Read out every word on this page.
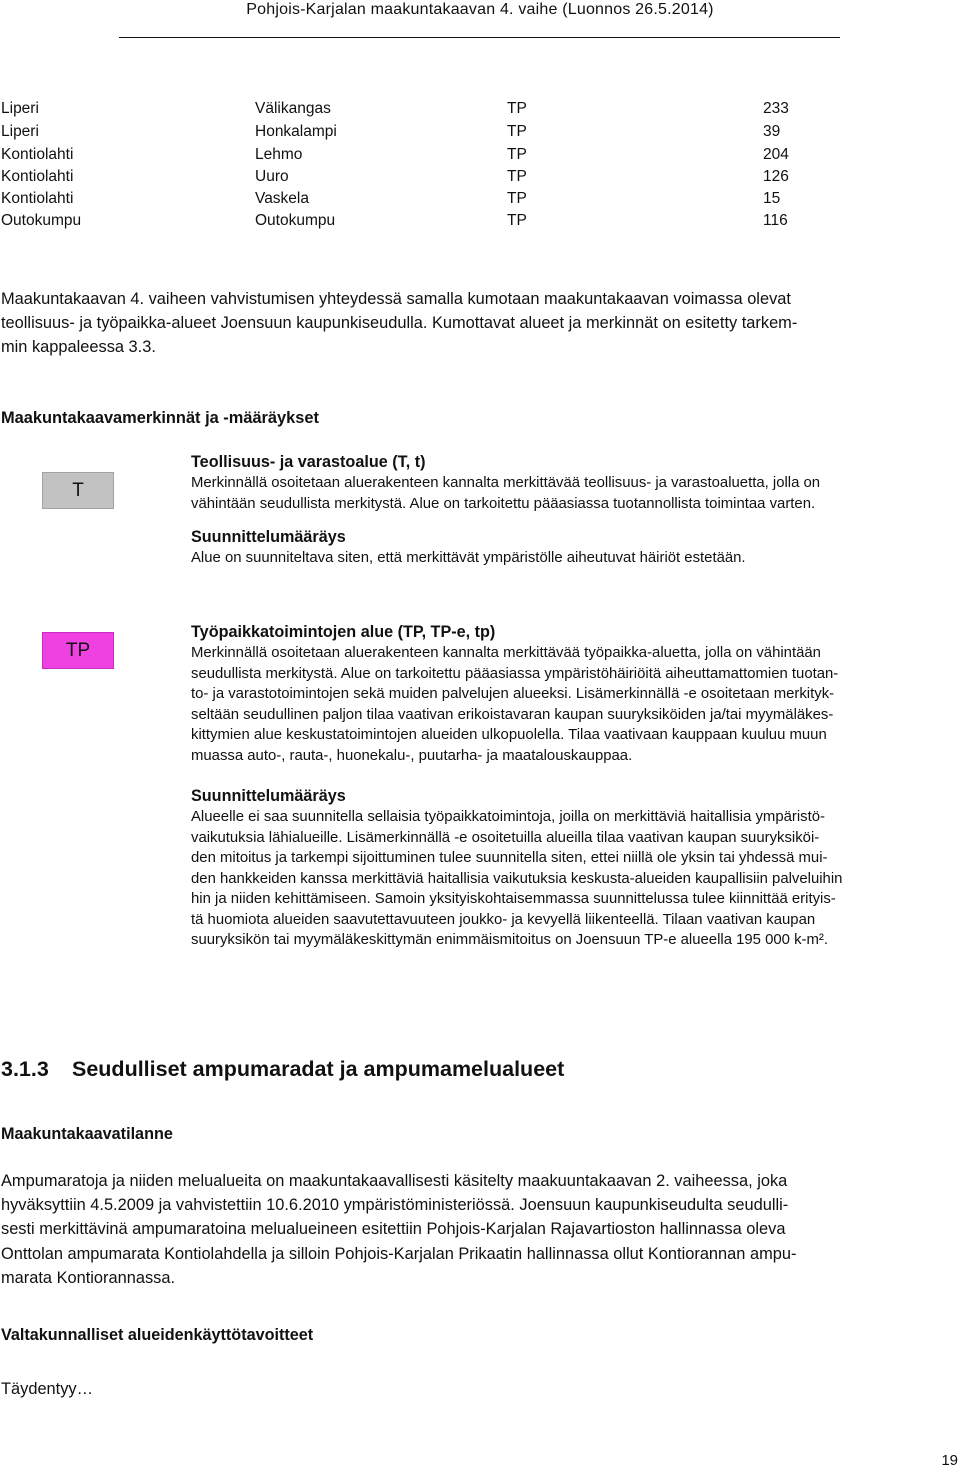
Pohjois-Karjalan maakuntakaavan 4. vaihe (Luonnos 26.5.2014)
Liperi	Välikangas	TP	233
Liperi	Honkalampi	TP	39
Kontiolahti	Lehmo	TP	204
Kontiolahti	Uuro	TP	126
Kontiolahti	Vaskela	TP	15
Outokumpu	Outokumpu	TP	116
Maakuntakaavan 4. vaiheen vahvistumisen yhteydessä samalla kumotaan maakuntakaavan voimassa olevat
teollisuus- ja työpaikka-alueet Joensuun kaupunkiseudulla. Kumottavat alueet ja merkinnät on esitetty tarkem-
min kappaleessa 3.3.
Maakuntakaavamerkinnät ja -määräykset
T
Teollisuus- ja varastoalue (T, t)
Merkinnällä osoitetaan aluerakenteen kannalta merkittävää teollisuus- ja varastoaluetta, jolla on
vähintään seudullista merkitystä. Alue on tarkoitettu pääasiassa tuotannollista toimintaa varten.
Suunnittelumääräys
Alue on suunniteltava siten, että merkittävät ympäristölle aiheutuvat häiriöt estetään.
TP
Työpaikkatoimintojen alue (TP, TP-e, tp)
Merkinnällä osoitetaan aluerakenteen kannalta merkittävää työpaikka-aluetta, jolla on vähintään
seudullista merkitystä. Alue on tarkoitettu pääasiassa ympäristöhäiriöitä aiheuttamattomien tuotan-
to- ja varastotoimintojen sekä muiden palvelujen alueeksi. Lisämerkinnällä -e osoitetaan merkityk-
seltään seudullinen paljon tilaa vaativan erikoistavaran kaupan suuryksiköiden ja/tai myymäläkes-
kittymien alue keskustatoimintojen alueiden ulkopuolella. Tilaa vaativaan kauppaan kuuluu muun
muassa auto-, rauta-, huonekalu-, puutarha- ja maatalouskauppaa.
Suunnittelumääräys
Alueelle ei saa suunnitella sellaisia työpaikkatoimintoja, joilla on merkittäviä haitallisia ympäristö-
vaikutuksia lähialueille. Lisämerkinnällä -e osoitetuilla alueilla tilaa vaativan kaupan suuryksiköi-
den mitoitus ja tarkempi sijoittuminen tulee suunnitella siten, ettei niillä ole yksin tai yhdessä mui-
den hankkeiden kanssa merkittäviä haitallisia vaikutuksia keskusta-alueiden kaupallisiin palveluihin
hin ja niiden kehittämiseen. Samoin yksityiskohtaisemmassa suunnittelussa tulee kiinnittää erityis-
tä huomiota alueiden saavutettavuuteen joukko- ja kevyellä liikenteellä. Tilaan vaativan kaupan
suuryksikön tai myymäläkeskittymän enimmäismitoitus on Joensuun TP-e alueella 195 000 k-m².
3.1.3 Seudulliset ampumaradat ja ampumamelualueet
Maakuntakaavatilanne
Ampumaratoja ja niiden melualueita on maakuntakaavallisesti käsitelty maakuuntakaavan 2. vaiheessa, joka
hyväksyttiin 4.5.2009 ja vahvistettiin 10.6.2010 ympäristöministeriössä. Joensuun kaupunkiseudulta seudulli-
sesti merkittävinä ampumaratoina melualueineen esitettiin Pohjois-Karjalan Rajavartioston hallinnassa oleva
Onttolan ampumarata Kontiolahdella ja silloin Pohjois-Karjalan Prikaatin hallinnassa ollut Kontiorannan ampu-
marata Kontiorannassa.
Valtakunnalliset alueidenkäyttötavoitteet
Täydentyy…
19
